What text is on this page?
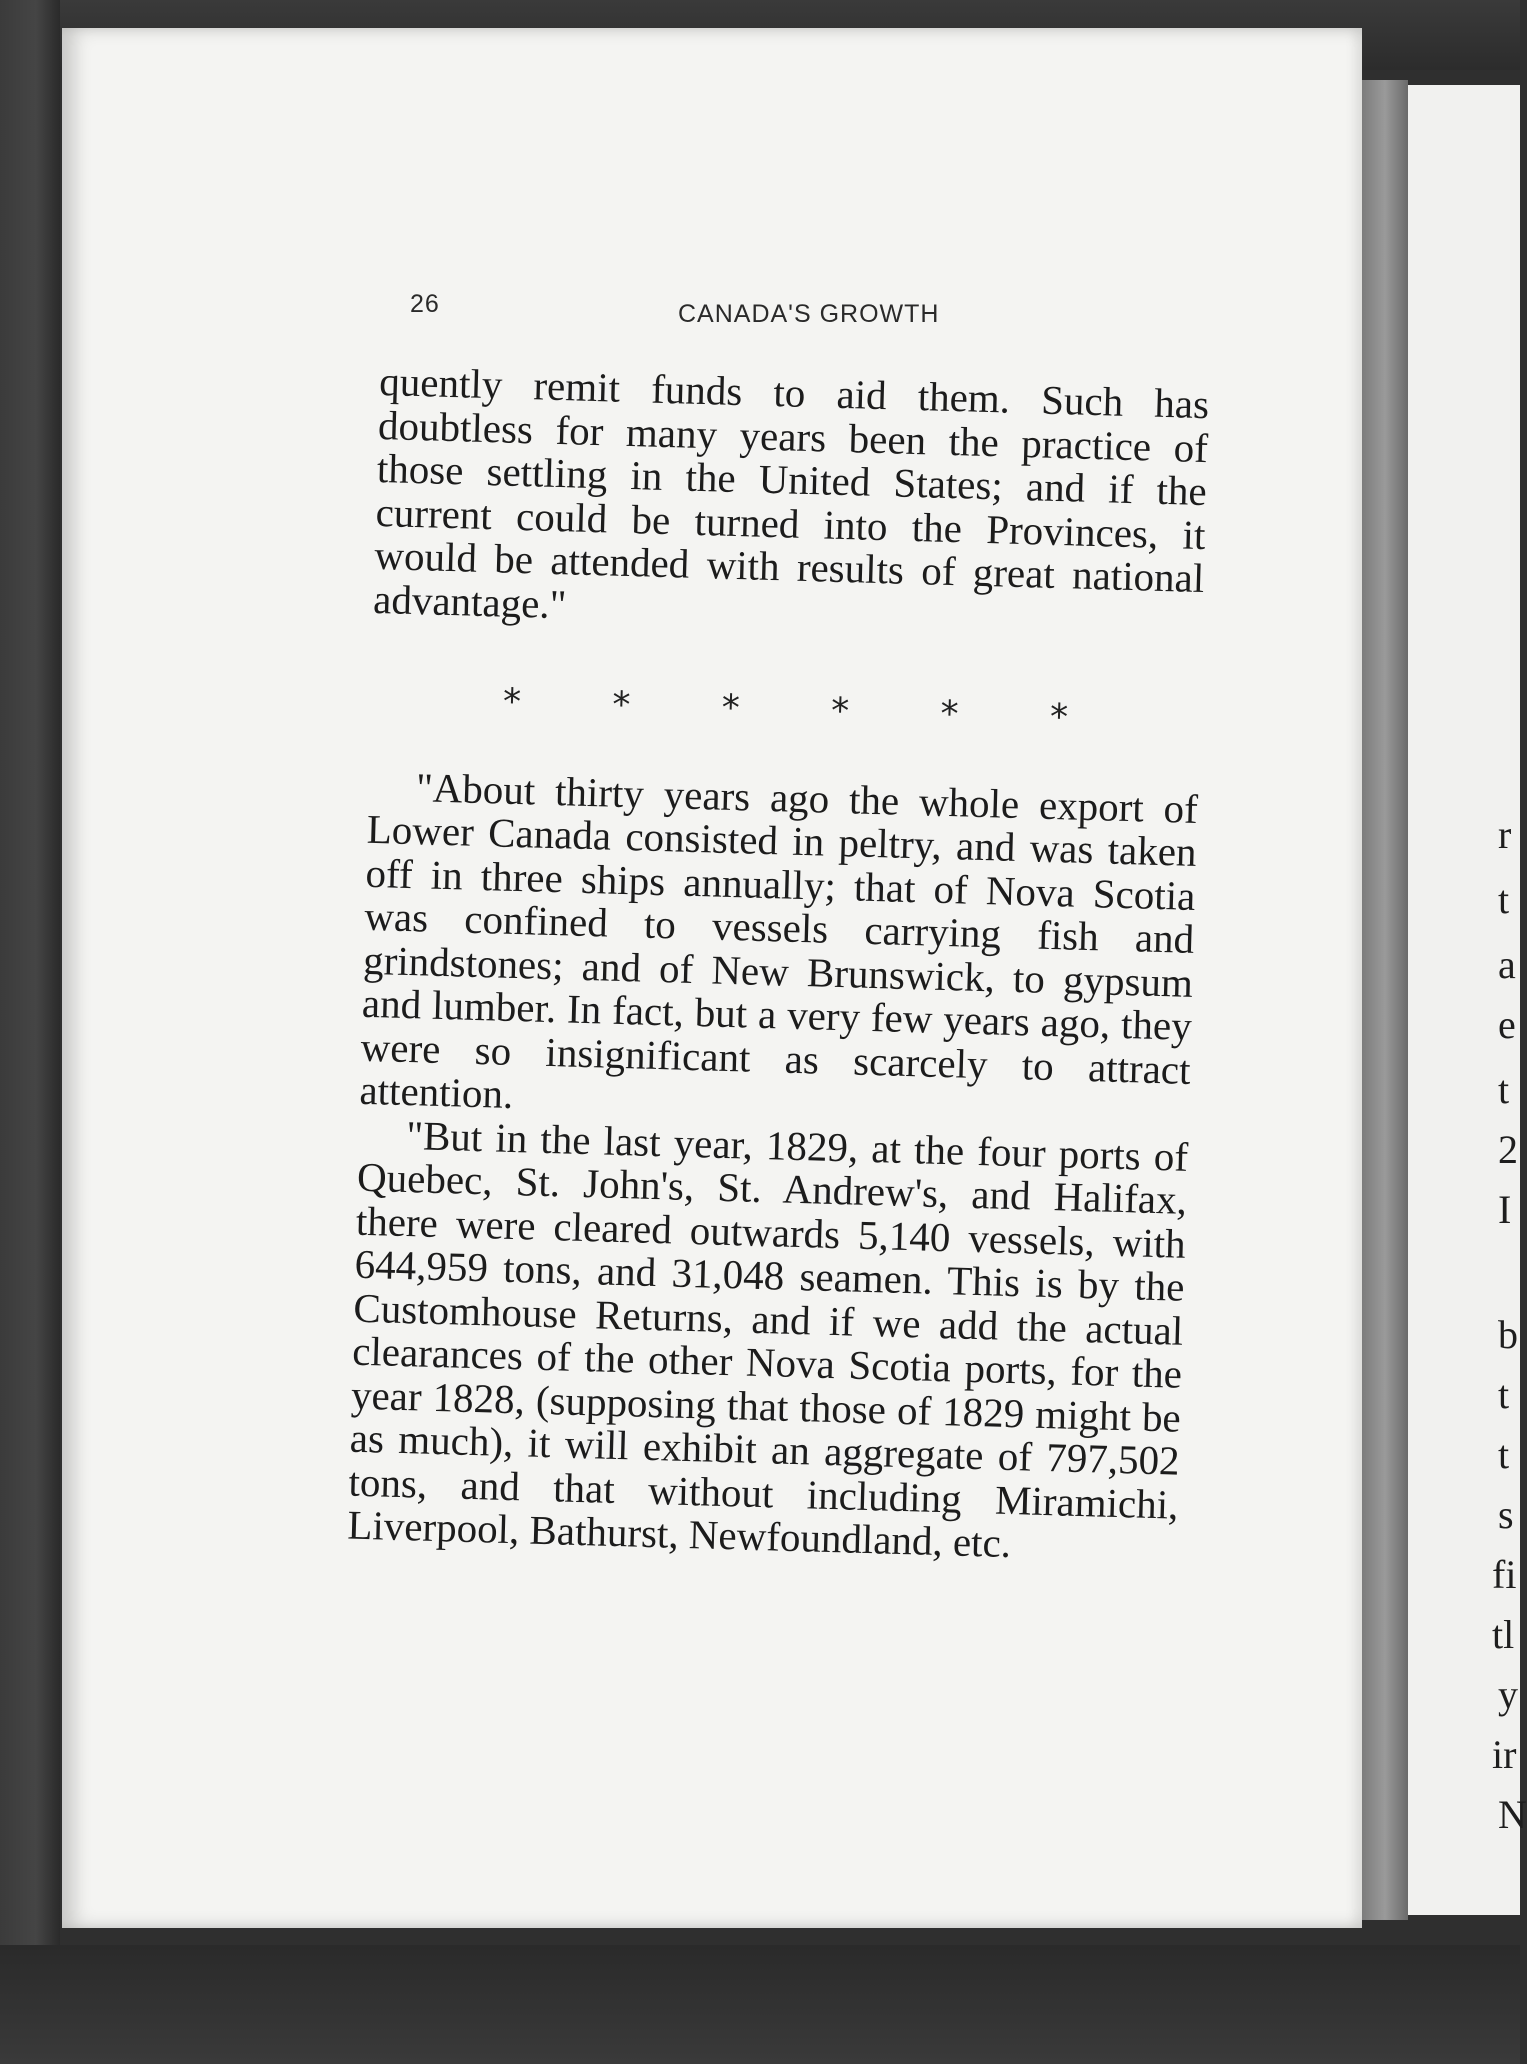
r
t
a
e
t
2
I
b
t
t
s
fi
tl
y
ir
N
26	CANADA'S GROWTH

quently remit funds to aid them. Such has doubtless for many years been the practice of those settling in the United States; and if the current could be turned into the Provinces, it would be attended with results of great national advantage."

* * * * * *

"About thirty years ago the whole export of Lower Canada consisted in peltry, and was taken off in three ships annually; that of Nova Scotia was confined to vessels carrying fish and grindstones; and of New Brunswick, to gypsum and lumber. In fact, but a very few years ago, they were so insignificant as scarcely to attract attention.

"But in the last year, 1829, at the four ports of Quebec, St. John's, St. Andrew's, and Halifax, there were cleared outwards 5,140 vessels, with 644,959 tons, and 31,048 seamen. This is by the Customhouse Returns, and if we add the actual clearances of the other Nova Scotia ports, for the year 1828, (supposing that those of 1829 might be as much), it will exhibit an aggregate of 797,502 tons, and that without including Miramichi, Liverpool, Bathurst, Newfoundland, etc.
